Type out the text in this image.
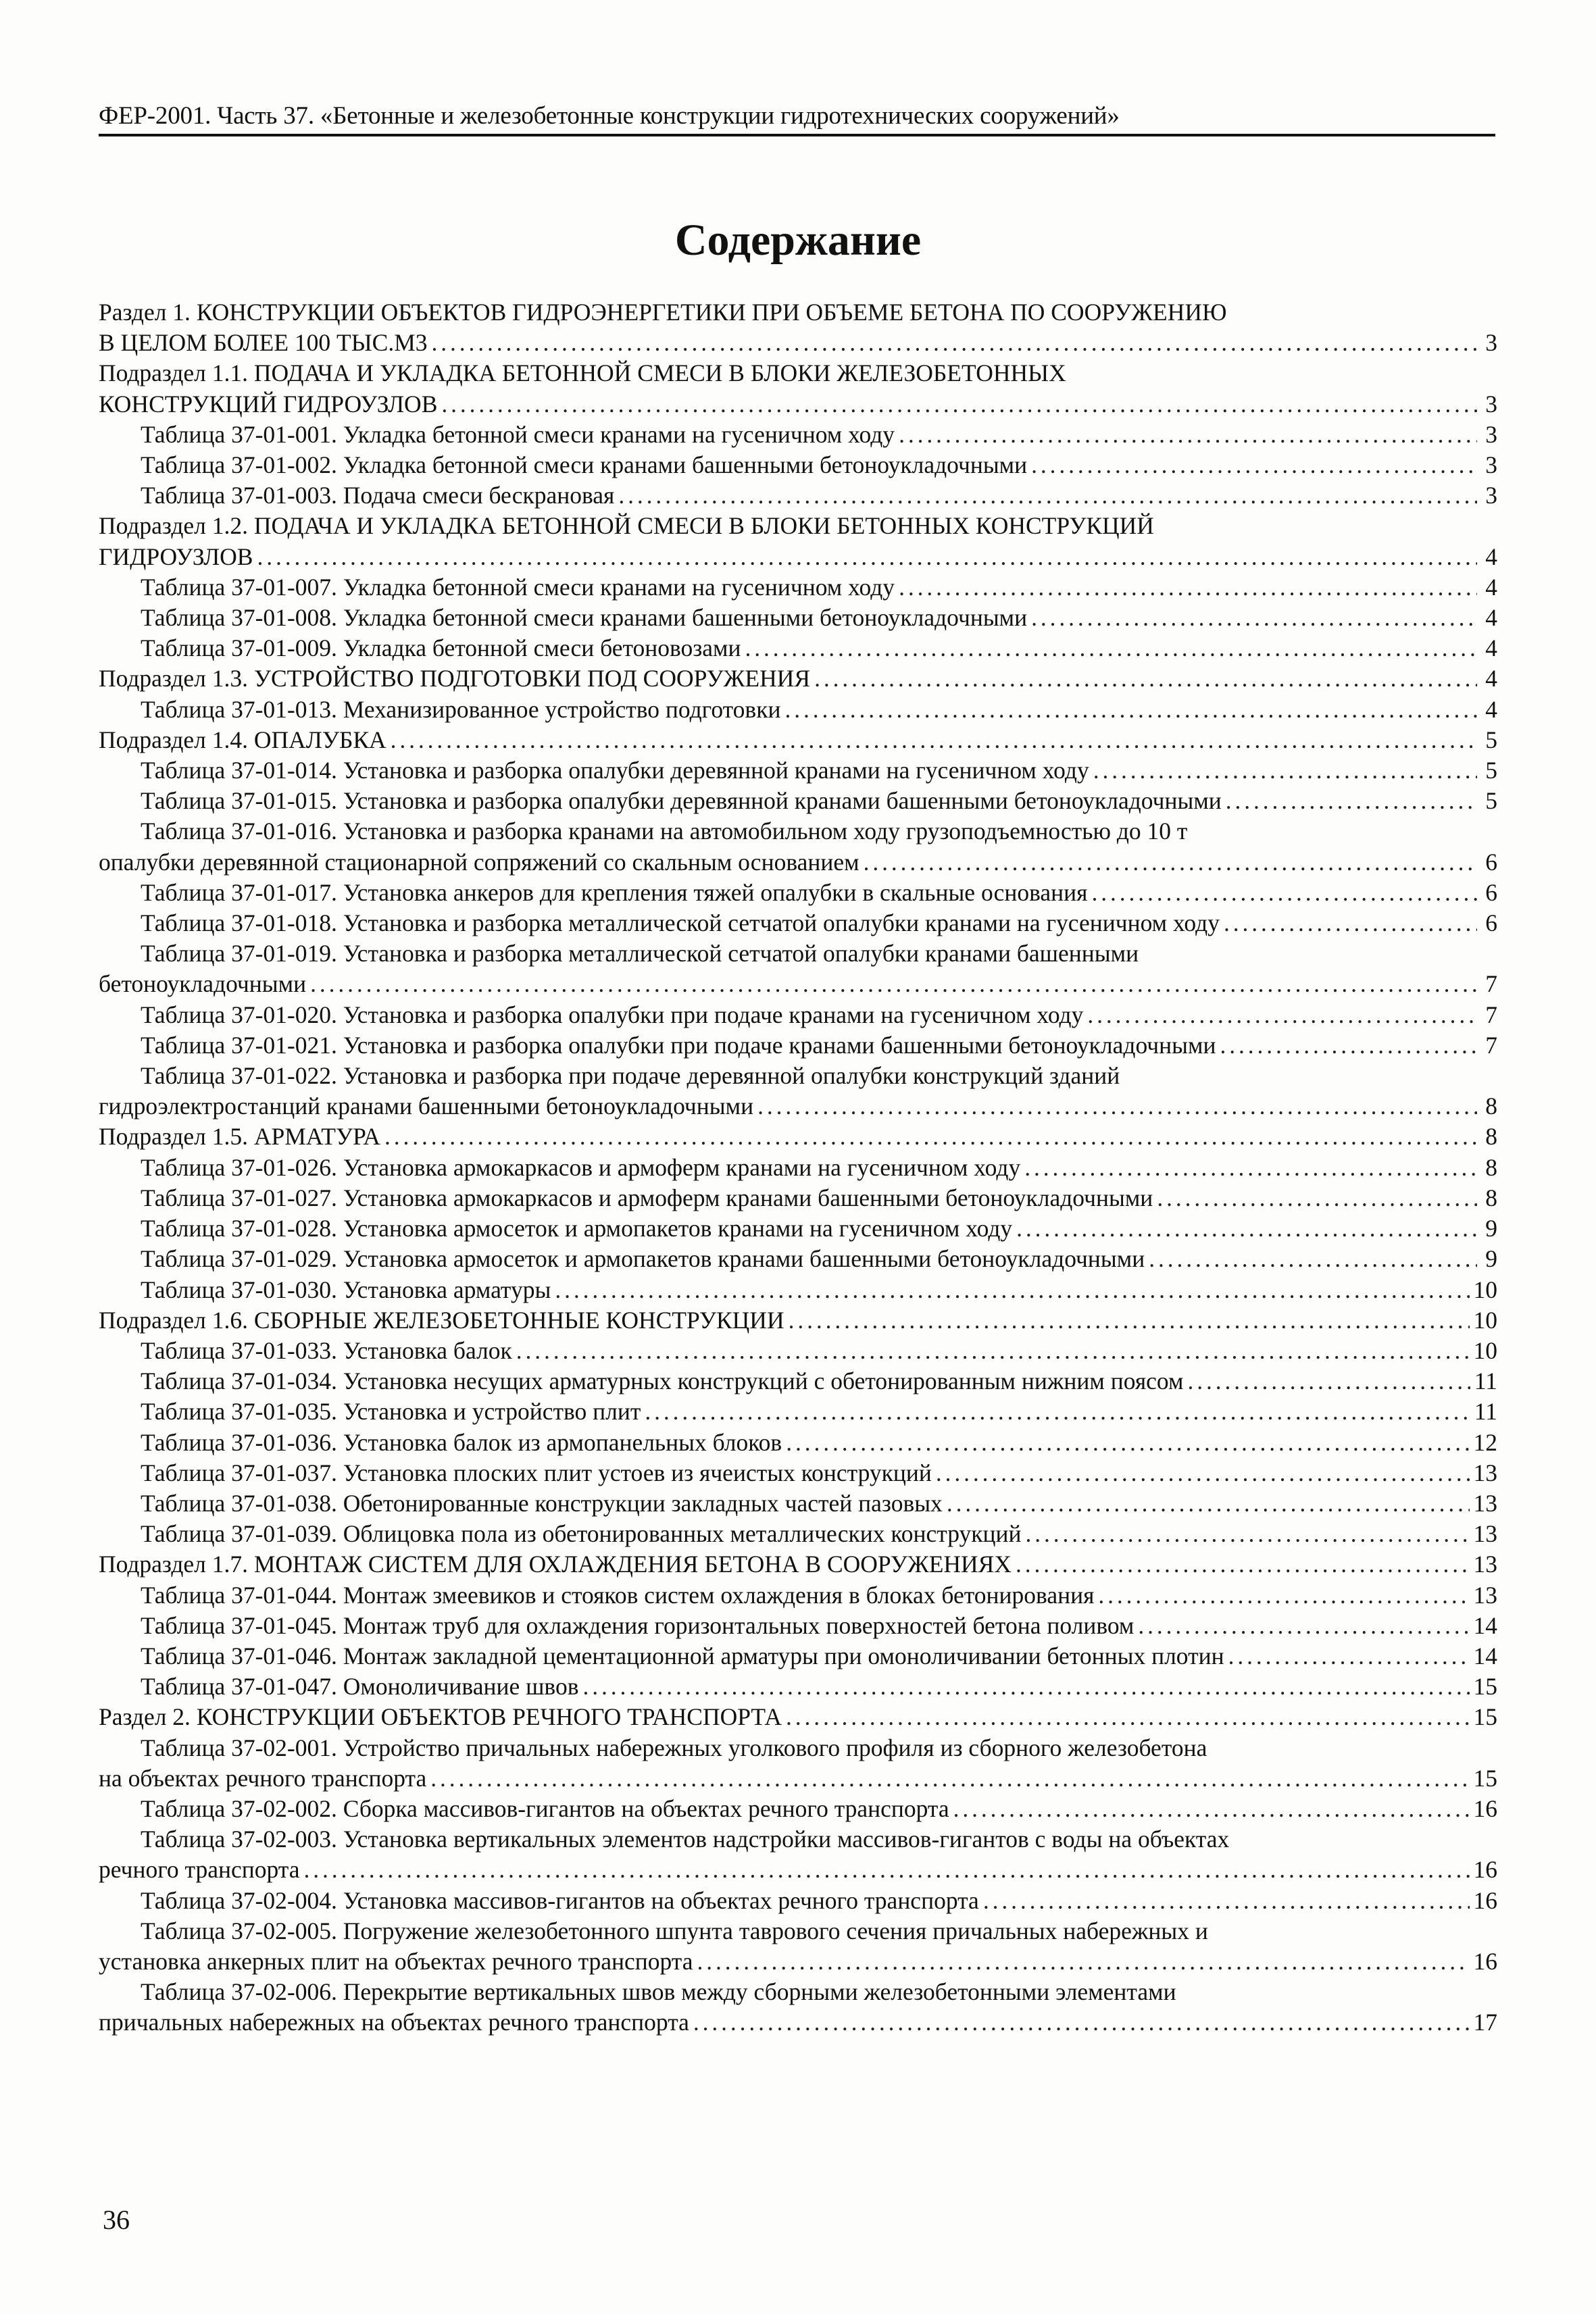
ФЕР-2001. Часть 37. «Бетонные и железобетонные конструкции гидротехнических сооружений»
Содержание
Раздел 1. КОНСТРУКЦИИ ОБЪЕКТОВ ГИДРОЭНЕРГЕТИКИ ПРИ ОБЪЕМЕ БЕТОНА ПО СООРУЖЕНИЮ
В ЦЕЛОМ БОЛЕЕ 100 ТЫС.М3 . . .	3
Подраздел 1.1. ПОДАЧА И УКЛАДКА БЕТОННОЙ СМЕСИ В БЛОКИ ЖЕЛЕЗОБЕТОННЫХ
КОНСТРУКЦИЙ ГИДРОУЗЛОВ . . .	3
Таблица 37-01-001. Укладка бетонной смеси кранами на гусеничном ходу . . .	3
Таблица 37-01-002. Укладка бетонной смеси кранами башенными бетоноукладочными . . .	3
Таблица 37-01-003. Подача смеси бескрановая . . .	3
Подраздел 1.2. ПОДАЧА И УКЛАДКА БЕТОННОЙ СМЕСИ В БЛОКИ БЕТОННЫХ КОНСТРУКЦИЙ
ГИДРОУЗЛОВ . . .	4
Таблица 37-01-007. Укладка бетонной смеси кранами на гусеничном ходу . . .	4
Таблица 37-01-008. Укладка бетонной смеси кранами башенными бетоноукладочными . . .	4
Таблица 37-01-009. Укладка бетонной смеси бетоновозами . . .	4
Подраздел 1.3. УСТРОЙСТВО ПОДГОТОВКИ ПОД СООРУЖЕНИЯ . . .	4
Таблица 37-01-013. Механизированное устройство подготовки . . .	4
Подраздел 1.4. ОПАЛУБКА . . .	5
Таблица 37-01-014. Установка и разборка опалубки деревянной кранами на гусеничном ходу . . .	5
Таблица 37-01-015. Установка и разборка опалубки деревянной кранами башенными бетоноукладочными . . .	5
Таблица 37-01-016. Установка и разборка кранами на автомобильном ходу грузоподъемностью до 10 т
опалубки деревянной стационарной сопряжений со скальным основанием . . .	6
Таблица 37-01-017. Установка анкеров для крепления тяжей опалубки в скальные основания . . .	6
Таблица 37-01-018. Установка и разборка металлической сетчатой опалубки кранами на гусеничном ходу . . .	6
Таблица 37-01-019. Установка и разборка металлической сетчатой опалубки кранами башенными
бетоноукладочными . . .	7
Таблица 37-01-020. Установка и разборка опалубки при подаче кранами на гусеничном ходу . . .	7
Таблица 37-01-021. Установка и разборка опалубки при подаче кранами башенными бетоноукладочными . . .	7
Таблица 37-01-022. Установка и разборка при подаче деревянной опалубки конструкций зданий
гидроэлектростанций кранами башенными бетоноукладочными . . .	8
Подраздел 1.5. АРМАТУРА . . .	8
Таблица 37-01-026. Установка армокаркасов и армоферм кранами на гусеничном ходу . . .	8
Таблица 37-01-027. Установка армокаркасов и армоферм кранами башенными бетоноукладочными . . .	8
Таблица 37-01-028. Установка армосеток и армопакетов кранами на гусеничном ходу . . .	9
Таблица 37-01-029. Установка армосеток и армопакетов кранами башенными бетоноукладочными . . .	9
Таблица 37-01-030. Установка арматуры . . .	10
Подраздел 1.6. СБОРНЫЕ ЖЕЛЕЗОБЕТОННЫЕ КОНСТРУКЦИИ . . .	10
Таблица 37-01-033. Установка балок . . .	10
Таблица 37-01-034. Установка несущих арматурных конструкций с обетонированным нижним поясом . . .	11
Таблица 37-01-035. Установка и устройство плит . . .	11
Таблица 37-01-036. Установка балок из армопанельных блоков . . .	12
Таблица 37-01-037. Установка плоских плит устоев из ячеистых конструкций . . .	13
Таблица 37-01-038. Обетонированные конструкции закладных частей пазовых . . .	13
Таблица 37-01-039. Облицовка пола из обетонированных металлических конструкций . . .	13
Подраздел 1.7. МОНТАЖ СИСТЕМ ДЛЯ ОХЛАЖДЕНИЯ БЕТОНА В СООРУЖЕНИЯХ . . .	13
Таблица 37-01-044. Монтаж змеевиков и стояков систем охлаждения в блоках бетонирования . . .	13
Таблица 37-01-045. Монтаж труб для охлаждения горизонтальных поверхностей бетона поливом . . .	14
Таблица 37-01-046. Монтаж закладной цементационной арматуры при омоноличивании бетонных плотин . . .	14
Таблица 37-01-047. Омоноличивание швов . . .	15
Раздел 2. КОНСТРУКЦИИ ОБЪЕКТОВ РЕЧНОГО ТРАНСПОРТА . . .	15
Таблица 37-02-001. Устройство причальных набережных уголкового профиля из сборного железобетона
на объектах речного транспорта . . .	15
Таблица 37-02-002. Сборка массивов-гигантов на объектах речного транспорта . . .	16
Таблица 37-02-003. Установка вертикальных элементов надстройки массивов-гигантов с воды на объектах
речного транспорта . . .	16
Таблица 37-02-004. Установка массивов-гигантов на объектах речного транспорта . . .	16
Таблица 37-02-005. Погружение железобетонного шпунта таврового сечения причальных набережных и
установка анкерных плит на объектах речного транспорта . . .	16
Таблица 37-02-006. Перекрытие вертикальных швов между сборными железобетонными элементами
причальных набережных на объектах речного транспорта . . .	17
36
